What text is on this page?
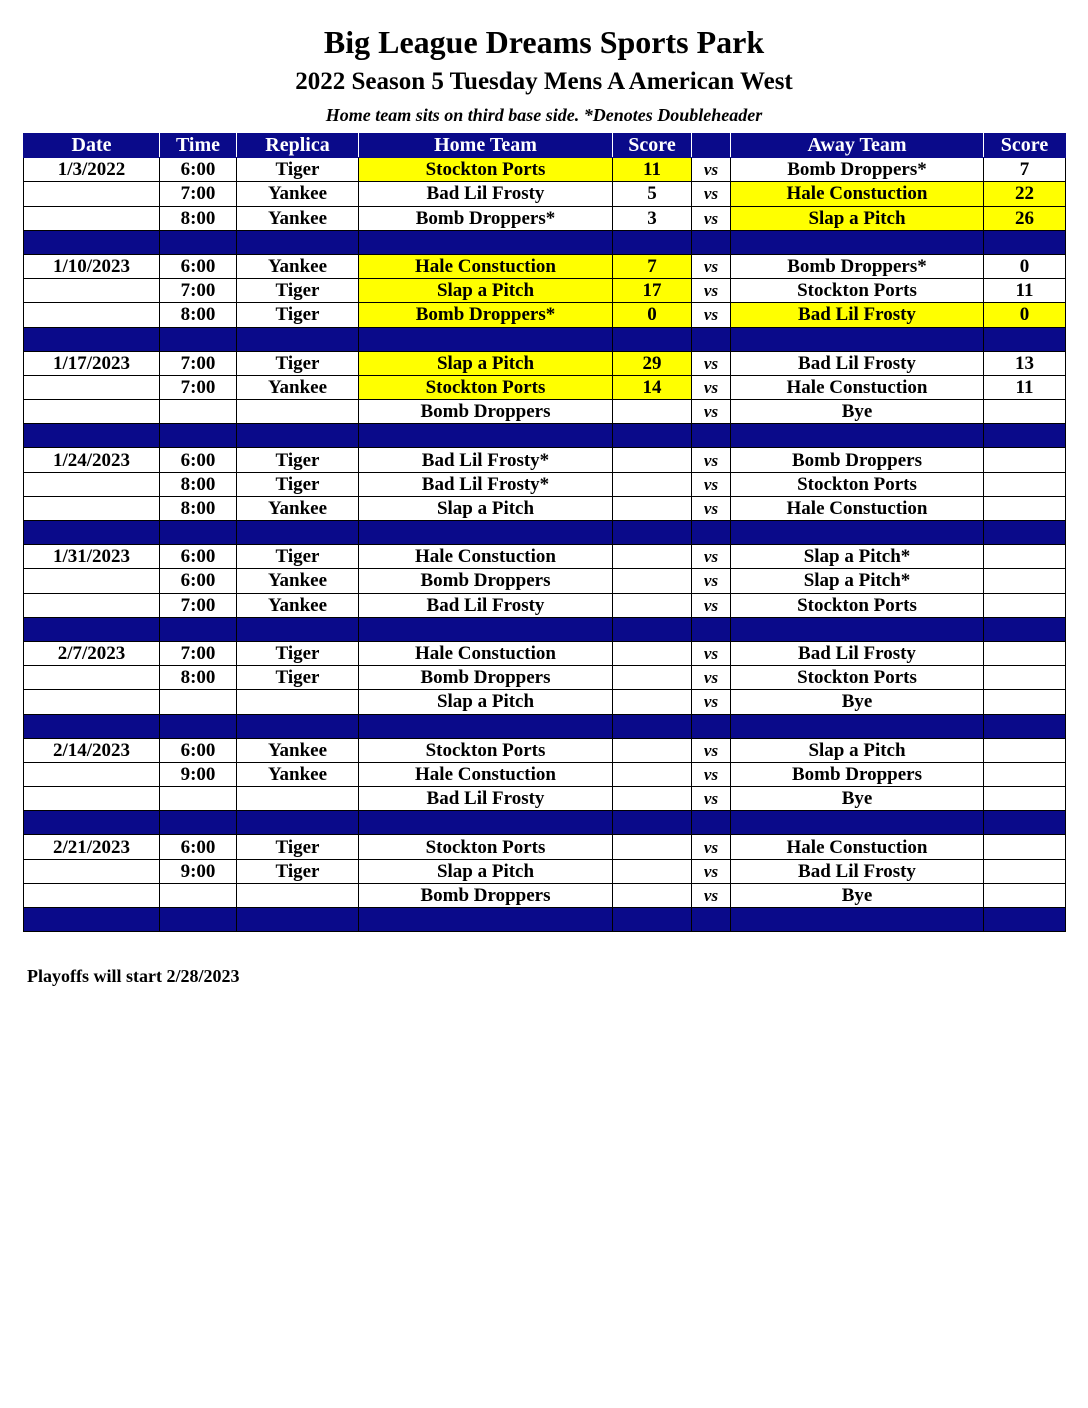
Big League Dreams Sports Park
2022 Season 5 Tuesday Mens A American West
Home team sits on third base side. *Denotes Doubleheader
Date	Time	Replica	Home Team	Score		Away Team	Score
1/3/2022	6:00	Tiger	Stockton Ports	11	vs	Bomb Droppers*	7
	7:00	Yankee	Bad Lil Frosty	5	vs	Hale Constuction	22
	8:00	Yankee	Bomb Droppers*	3	vs	Slap a Pitch	26

1/10/2023	6:00	Yankee	Hale Constuction	7	vs	Bomb Droppers*	0
	7:00	Tiger	Slap a Pitch	17	vs	Stockton Ports	11
	8:00	Tiger	Bomb Droppers*	0	vs	Bad Lil Frosty	0

1/17/2023	7:00	Tiger	Slap a Pitch	29	vs	Bad Lil Frosty	13
	7:00	Yankee	Stockton Ports	14	vs	Hale Constuction	11
			Bomb Droppers		vs	Bye	

1/24/2023	6:00	Tiger	Bad Lil Frosty*		vs	Bomb Droppers	
	8:00	Tiger	Bad Lil Frosty*		vs	Stockton Ports	
	8:00	Yankee	Slap a Pitch		vs	Hale Constuction	

1/31/2023	6:00	Tiger	Hale Constuction		vs	Slap a Pitch*	
	6:00	Yankee	Bomb Droppers		vs	Slap a Pitch*	
	7:00	Yankee	Bad Lil Frosty		vs	Stockton Ports	

2/7/2023	7:00	Tiger	Hale Constuction		vs	Bad Lil Frosty	
	8:00	Tiger	Bomb Droppers		vs	Stockton Ports	
			Slap a Pitch		vs	Bye	

2/14/2023	6:00	Yankee	Stockton Ports		vs	Slap a Pitch	
	9:00	Yankee	Hale Constuction		vs	Bomb Droppers	
			Bad Lil Frosty		vs	Bye	

2/21/2023	6:00	Tiger	Stockton Ports		vs	Hale Constuction	
	9:00	Tiger	Slap a Pitch		vs	Bad Lil Frosty	
			Bomb Droppers		vs	Bye	

Playoffs will start 2/28/2023
